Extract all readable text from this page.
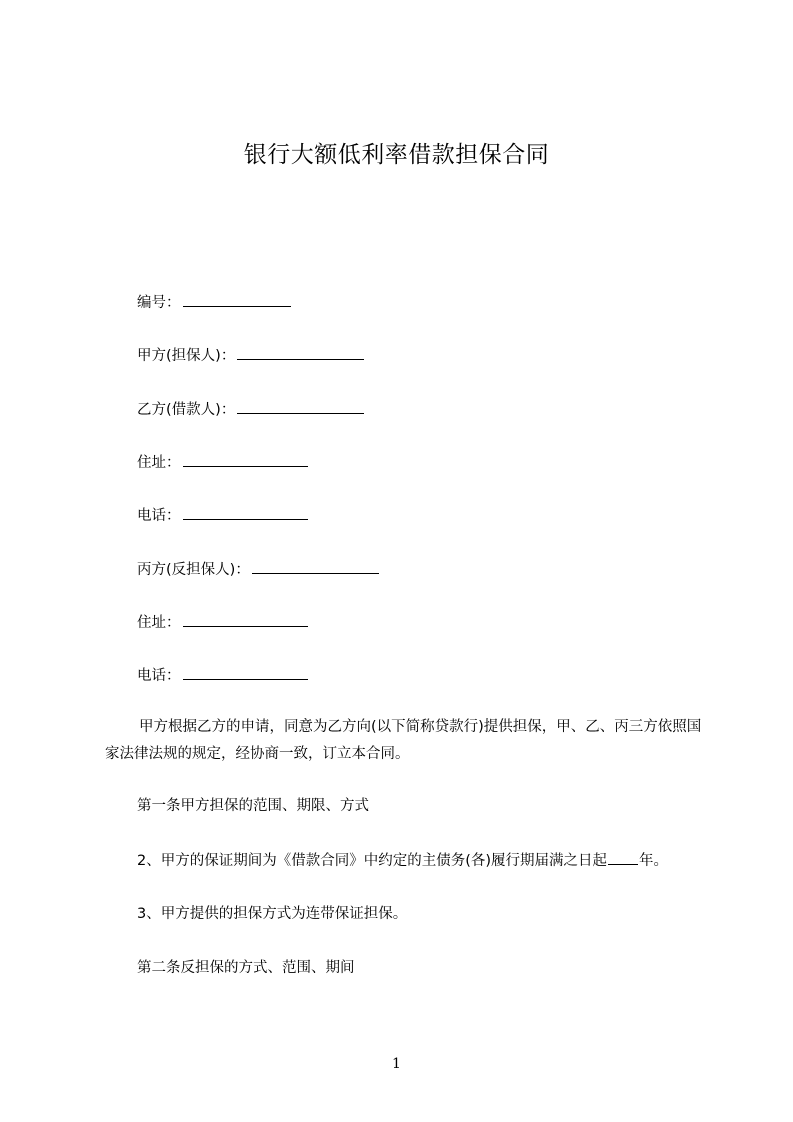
银行大额低利率借款担保合同
编号：
甲方(担保人)：
乙方(借款人)：
住址：
电话：
丙方(反担保人)：
住址：
电话：
甲方根据乙方的申请，同意为乙方向(以下简称贷款行)提供担保，甲、乙、丙三方依照国家法律法规的规定，经协商一致，订立本合同。
第一条甲方担保的范围、期限、方式
2、甲方的保证期间为《借款合同》中约定的主债务(各)履行期届满之日起 年。
3、甲方提供的担保方式为连带保证担保。
第二条反担保的方式、范围、期间
1
